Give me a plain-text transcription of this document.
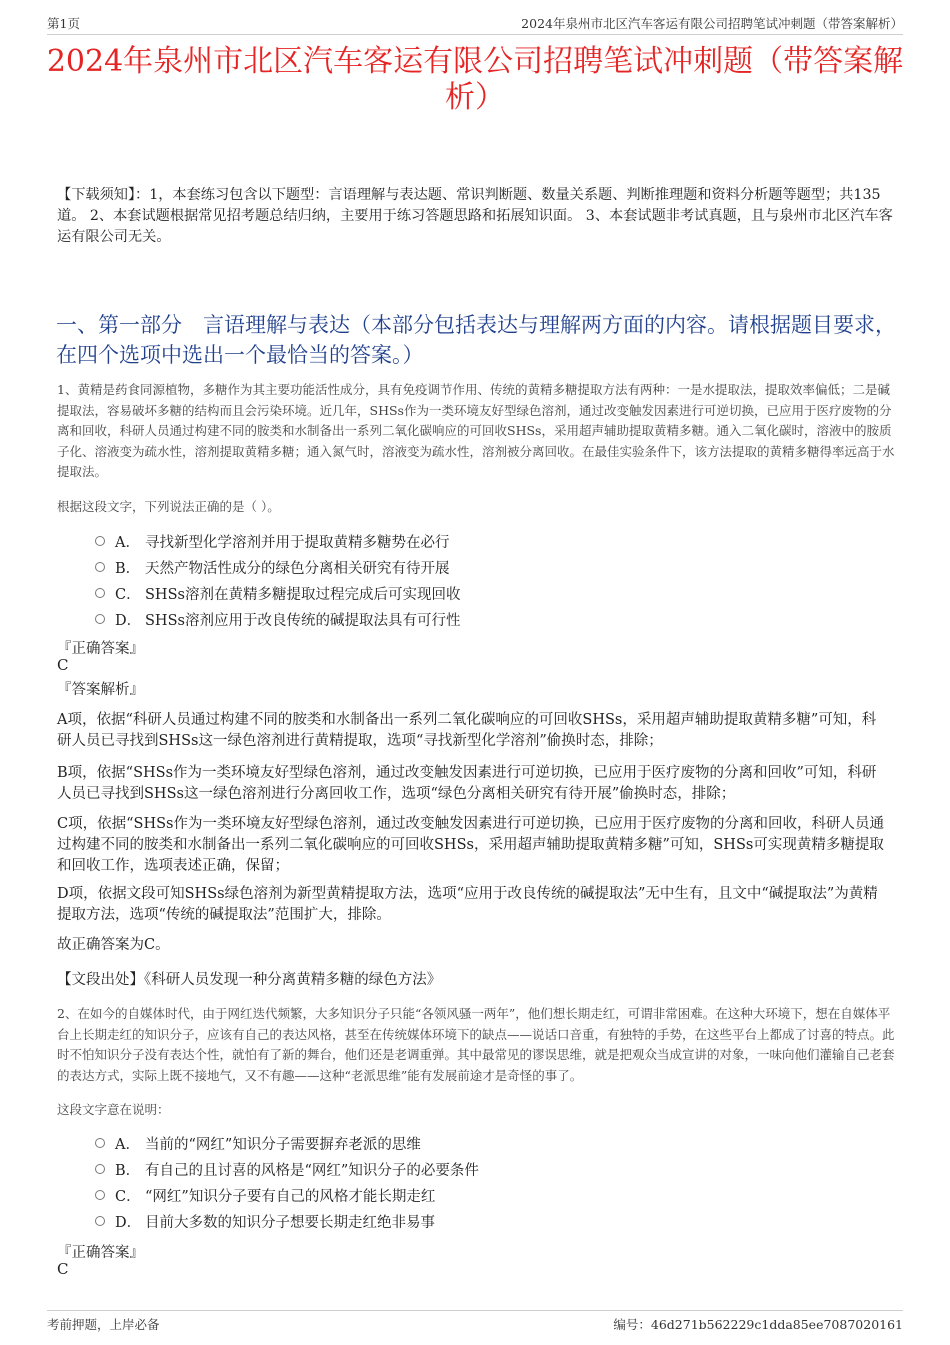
第1页	2024年泉州市北区汽车客运有限公司招聘笔试冲刺题（带答案解析）
2024年泉州市北区汽车客运有限公司招聘笔试冲刺题（带答案解析）
【下载须知】：1，本套练习包含以下题型：言语理解与表达题、常识判断题、数量关系题、判断推理题和资料分析题等题型；共135道。 2、本套试题根据常见招考题总结归纳，主要用于练习答题思路和拓展知识面。 3、本套试题非考试真题，且与泉州市北区汽车客运有限公司无关。
一、第一部分　言语理解与表达（本部分包括表达与理解两方面的内容。请根据题目要求，在四个选项中选出一个最恰当的答案。）
1、黄精是药食同源植物，多糖作为其主要功能活性成分，具有免疫调节作用、传统的黄精多糖提取方法有两种：一是水提取法，提取效率偏低；二是碱提取法，容易破坏多糖的结构而且会污染环境。近几年，SHSs作为一类环境友好型绿色溶剂，通过改变触发因素进行可逆切换，已应用于医疗废物的分离和回收，科研人员通过构建不同的胺类和水制备出一系列二氧化碳响应的可回收SHSs，采用超声辅助提取黄精多糖。通入二氧化碳时，溶液中的胺质子化、溶液变为疏水性，溶剂提取黄精多糖；通入氮气时，溶液变为疏水性，溶剂被分离回收。在最佳实验条件下，该方法提取的黄精多糖得率远高于水提取法。
根据这段文字，下列说法正确的是（ ）。
A． 寻找新型化学溶剂并用于提取黄精多糖势在必行
B． 天然产物活性成分的绿色分离相关研究有待开展
C． SHSs溶剂在黄精多糖提取过程完成后可实现回收
D． SHSs溶剂应用于改良传统的碱提取法具有可行性
『正确答案』
C
『答案解析』
A项，依据“科研人员通过构建不同的胺类和水制备出一系列二氧化碳响应的可回收SHSs，采用超声辅助提取黄精多糖”可知，科研人员已寻找到SHSs这一绿色溶剂进行黄精提取，选项“寻找新型化学溶剂”偷换时态，排除；
B项，依据“SHSs作为一类环境友好型绿色溶剂，通过改变触发因素进行可逆切换，已应用于医疗废物的分离和回收”可知，科研人员已寻找到SHSs这一绿色溶剂进行分离回收工作，选项“绿色分离相关研究有待开展”偷换时态，排除；
C项，依据“SHSs作为一类环境友好型绿色溶剂，通过改变触发因素进行可逆切换，已应用于医疗废物的分离和回收，科研人员通过构建不同的胺类和水制备出一系列二氧化碳响应的可回收SHSs，采用超声辅助提取黄精多糖”可知，SHSs可实现黄精多糖提取和回收工作，选项表述正确，保留；
D项，依据文段可知SHSs绿色溶剂为新型黄精提取方法，选项“应用于改良传统的碱提取法”无中生有，且文中“碱提取法”为黄精提取方法，选项“传统的碱提取法”范围扩大，排除。
故正确答案为C。
【文段出处】《科研人员发现一种分离黄精多糖的绿色方法》
2、在如今的自媒体时代，由于网红迭代频繁，大多知识分子只能“各领风骚一两年”，他们想长期走红，可谓非常困难。在这种大环境下，想在自媒体平台上长期走红的知识分子，应该有自己的表达风格，甚至在传统媒体环境下的缺点——说话口音重，有独特的手势，在这些平台上都成了讨喜的特点。此时不怕知识分子没有表达个性，就怕有了新的舞台，他们还是老调重弹。其中最常见的谬误思维，就是把观众当成宣讲的对象，一味向他们灌输自己老套的表达方式，实际上既不接地气，又不有趣——这种“老派思维”能有发展前途才是奇怪的事了。
这段文字意在说明：
A． 当前的“网红”知识分子需要摒弃老派的思维
B． 有自己的且讨喜的风格是“网红”知识分子的必要条件
C． “网红”知识分子要有自己的风格才能长期走红
D． 目前大多数的知识分子想要长期走红绝非易事
『正确答案』
C
考前押题，上岸必备	编号：46d271b562229c1dda85ee7087020161
